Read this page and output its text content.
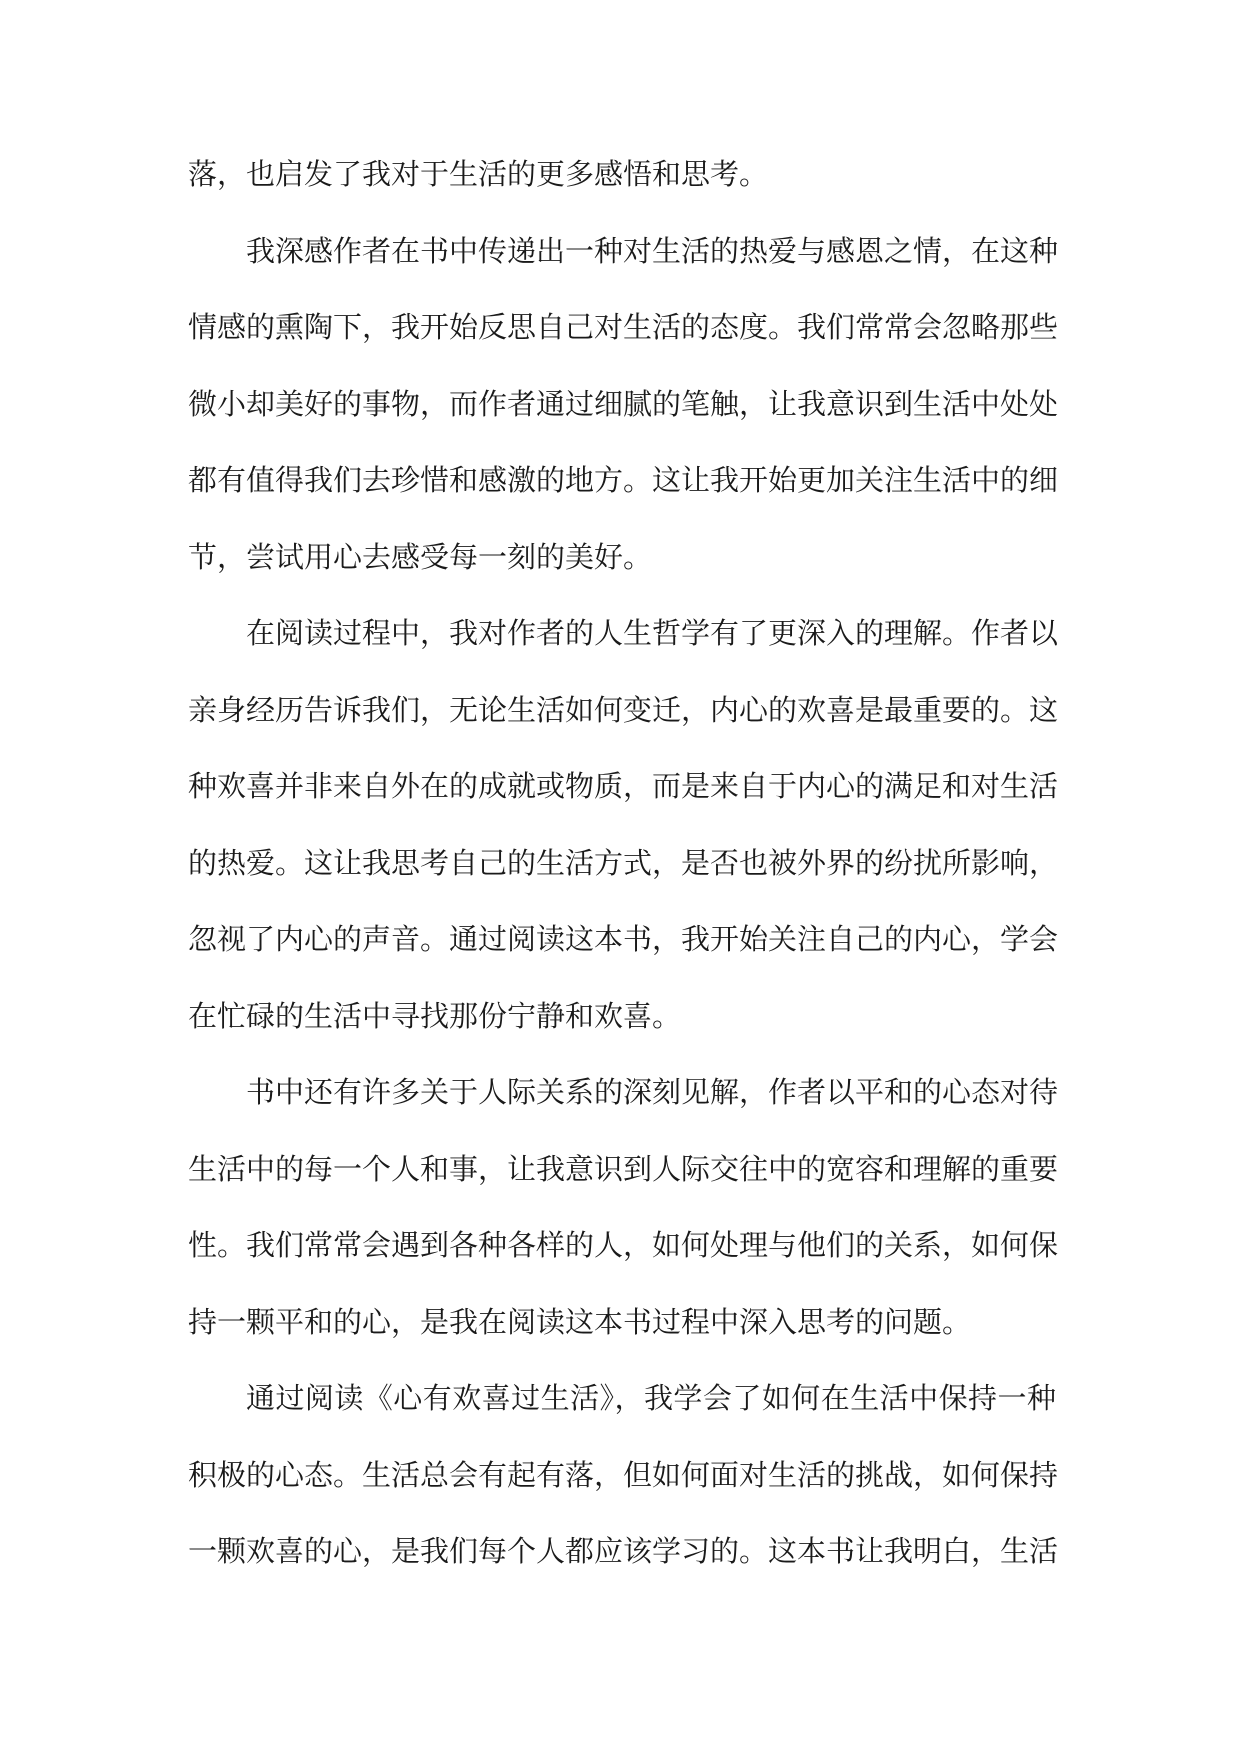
落，也启发了我对于生活的更多感悟和思考。
我深感作者在书中传递出一种对生活的热爱与感恩之情，在这种
情感的熏陶下，我开始反思自己对生活的态度。我们常常会忽略那些
微小却美好的事物，而作者通过细腻的笔触，让我意识到生活中处处
都有值得我们去珍惜和感激的地方。这让我开始更加关注生活中的细
节，尝试用心去感受每一刻的美好。
在阅读过程中，我对作者的人生哲学有了更深入的理解。作者以
亲身经历告诉我们，无论生活如何变迁，内心的欢喜是最重要的。这
种欢喜并非来自外在的成就或物质，而是来自于内心的满足和对生活
的热爱。这让我思考自己的生活方式，是否也被外界的纷扰所影响，
忽视了内心的声音。通过阅读这本书，我开始关注自己的内心，学会
在忙碌的生活中寻找那份宁静和欢喜。
书中还有许多关于人际关系的深刻见解，作者以平和的心态对待
生活中的每一个人和事，让我意识到人际交往中的宽容和理解的重要
性。我们常常会遇到各种各样的人，如何处理与他们的关系，如何保
持一颗平和的心，是我在阅读这本书过程中深入思考的问题。
通过阅读《心有欢喜过生活》，我学会了如何在生活中保持一种
积极的心态。生活总会有起有落，但如何面对生活的挑战，如何保持
一颗欢喜的心，是我们每个人都应该学习的。这本书让我明白，生活
